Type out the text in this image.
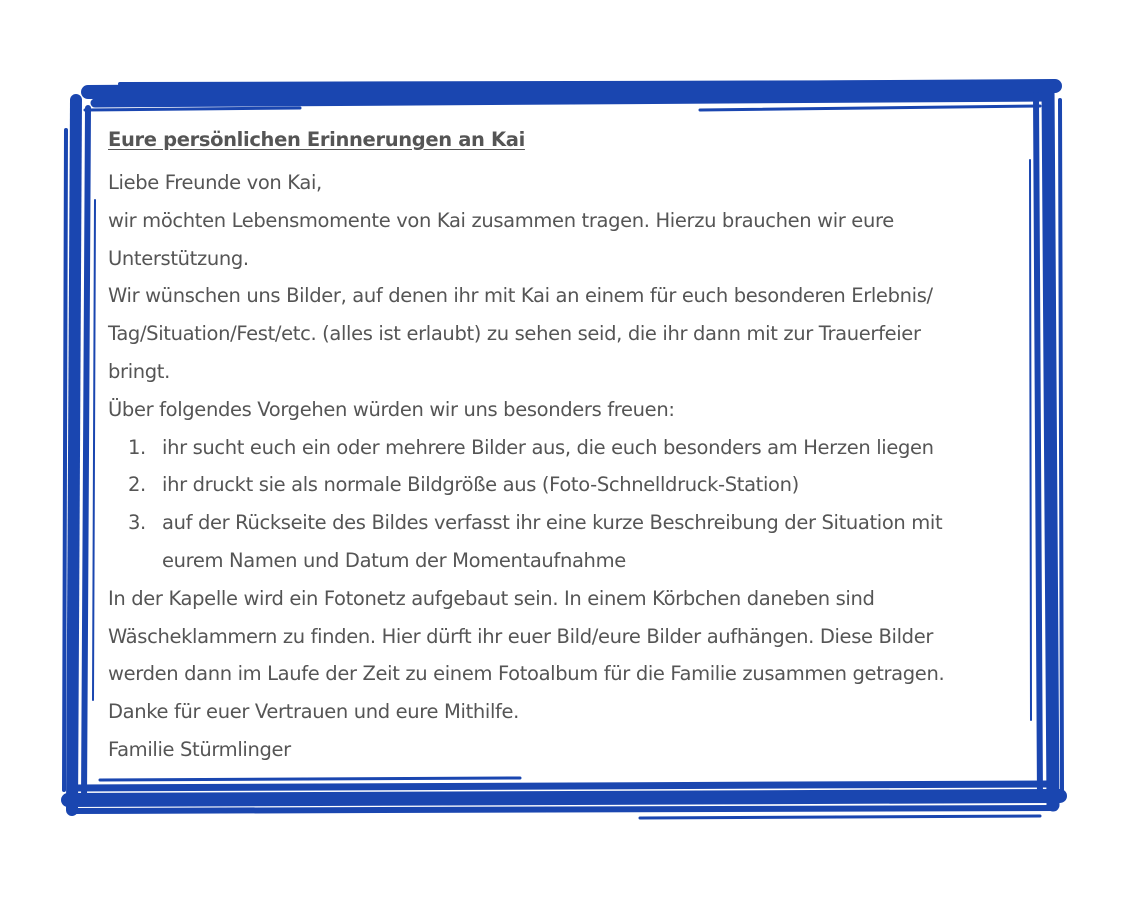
Eure persönlichen Erinnerungen an Kai
Liebe Freunde von Kai,
wir möchten Lebensmomente von Kai zusammen tragen. Hierzu brauchen wir eure
Unterstützung.
Wir wünschen uns Bilder, auf denen ihr mit Kai an einem für euch besonderen Erlebnis/
Tag/Situation/Fest/etc. (alles ist erlaubt) zu sehen seid, die ihr dann mit zur Trauerfeier
bringt.
Über folgendes Vorgehen würden wir uns besonders freuen:
1. ihr sucht euch ein oder mehrere Bilder aus, die euch besonders am Herzen liegen
2. ihr druckt sie als normale Bildgröße aus (Foto-Schnelldruck-Station)
3. auf der Rückseite des Bildes verfasst ihr eine kurze Beschreibung der Situation mit
eurem Namen und Datum der Momentaufnahme
In der Kapelle wird ein Fotonetz aufgebaut sein. In einem Körbchen daneben sind
Wäscheklammern zu finden. Hier dürft ihr euer Bild/eure Bilder aufhängen. Diese Bilder
werden dann im Laufe der Zeit zu einem Fotoalbum für die Familie zusammen getragen.
Danke für euer Vertrauen und eure Mithilfe.
Familie Stürmlinger
